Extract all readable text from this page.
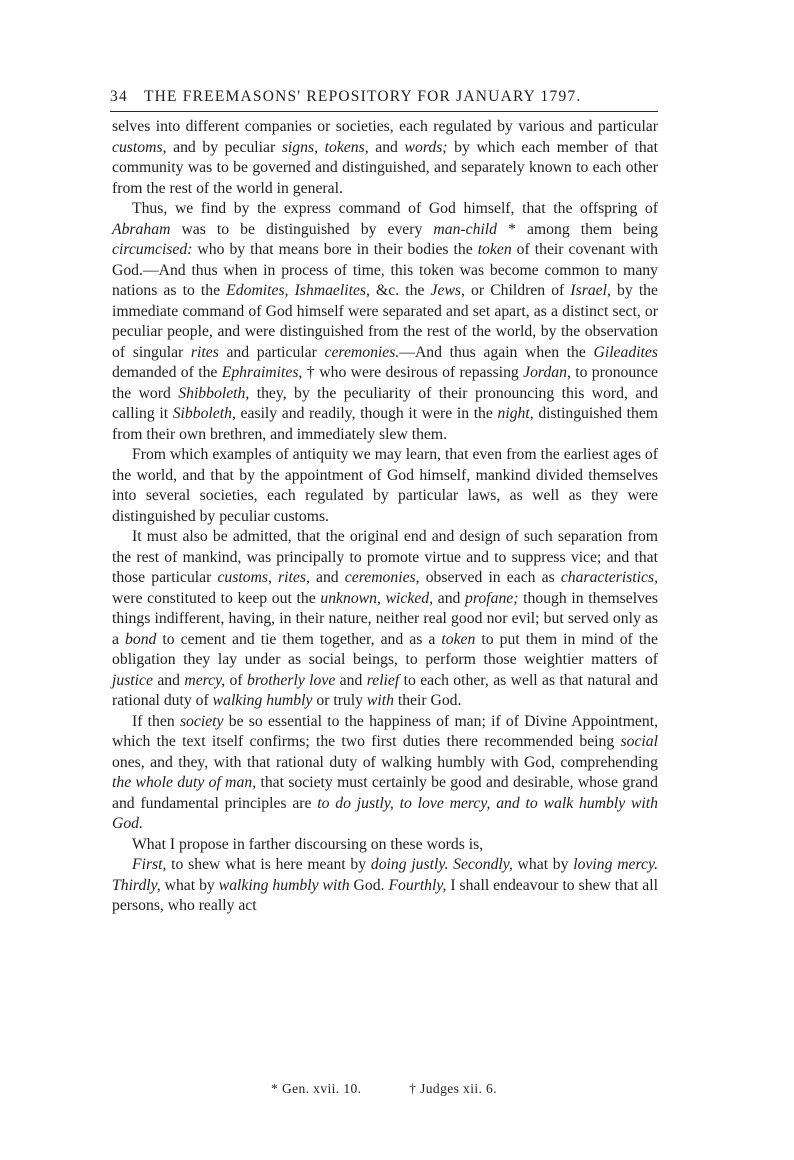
34 THE FREEMASONS' REPOSITORY FOR JANUARY 1797.

selves into different companies or societies, each regulated by various and particular customs, and by peculiar signs, tokens, and words; by which each member of that community was to be governed and distinguished, and separately known to each other from the rest of the world in general.

Thus, we find by the express command of God himself, that the offspring of Abraham was to be distinguished by every man-child * among them being circumcised: who by that means bore in their bodies the token of their covenant with God.—And thus when in process of time, this token was become common to many nations as to the Edomites, Ishmaelites, &c. the Jews, or Children of Israel, by the immediate command of God himself were separated and set apart, as a distinct sect, or peculiar people, and were distinguished from the rest of the world, by the observation of singular rites and particular ceremonies.—And thus again when the Gileadites demanded of the Ephraimites, † who were desirous of repassing Jordan, to pronounce the word Shibboleth, they, by the peculiarity of their pronouncing this word, and calling it Sibboleth, easily and readily, though it were in the night, distinguished them from their own brethren, and immediately slew them.

From which examples of antiquity we may learn, that even from the earliest ages of the world, and that by the appointment of God himself, mankind divided themselves into several societies, each regulated by particular laws, as well as they were distinguished by peculiar customs.

It must also be admitted, that the original end and design of such separation from the rest of mankind, was principally to promote virtue and to suppress vice; and that those particular customs, rites, and ceremonies, observed in each as characteristics, were constituted to keep out the unknown, wicked, and profane; though in themselves things indifferent, having, in their nature, neither real good nor evil; but served only as a bond to cement and tie them together, and as a token to put them in mind of the obligation they lay under as social beings, to perform those weightier matters of justice and mercy, of brotherly love and relief to each other, as well as that natural and rational duty of walking humbly or truly with their God.

If then society be so essential to the happiness of man; if of Divine Appointment, which the text itself confirms; the two first duties there recommended being social ones, and they, with that rational duty of walking humbly with God, comprehending the whole duty of man, that society must certainly be good and desirable, whose grand and fundamental principles are to do justly, to love mercy, and to walk humbly with God.

What I propose in farther discoursing on these words is,

First, to shew what is here meant by doing justly. Secondly, what by loving mercy. Thirdly, what by walking humbly with God. Fourthly, I shall endeavour to shew that all persons, who really act

* Gen. xvii. 10.	† Judges xii. 6.
